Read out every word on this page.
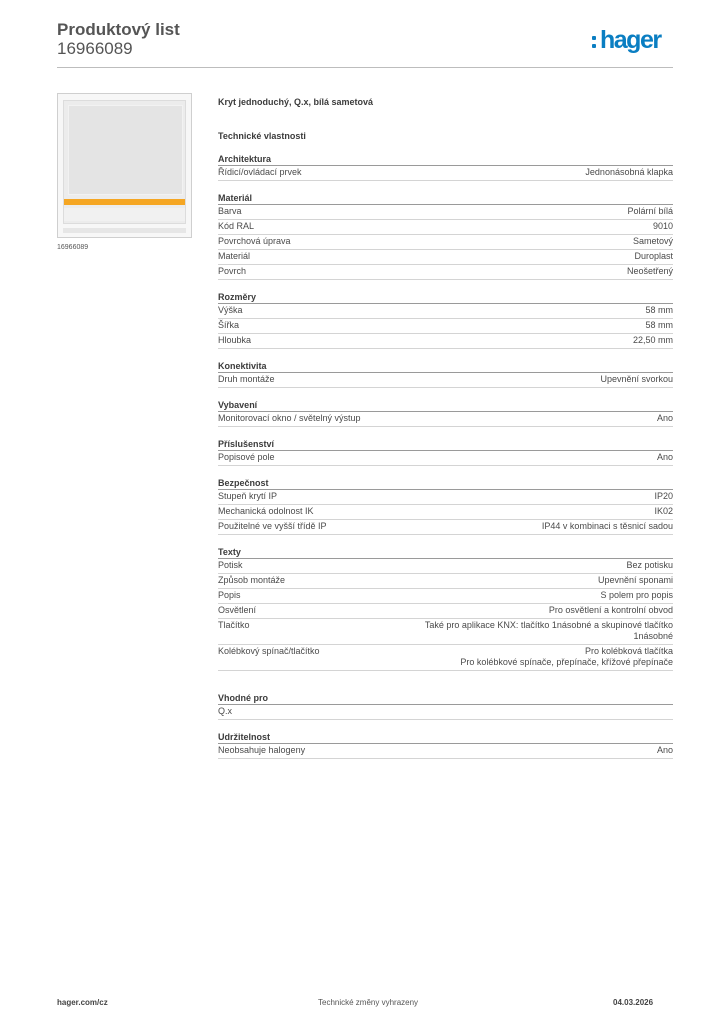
Produktový list
16966089	hager
16966089
Kryt jednoduchý, Q.x, bílá sametová
Technické vlastnosti
Architektura
Řídicí/ovládací prvek	Jednonásobná klapka
Materiál
Barva	Polární bílá
Kód RAL	9010
Povrchová úprava	Sametový
Materiál	Duroplast
Povrch	Neošetřený
Rozměry
Výška	58 mm
Šířka	58 mm
Hloubka	22,50 mm
Konektivita
Druh montáže	Upevnění svorkou
Vybavení
Monitorovací okno / světelný výstup	Ano
Příslušenství
Popisové pole	Ano
Bezpečnost
Stupeň krytí IP	IP20
Mechanická odolnost IK	IK02
Použitelné ve vyšší třídě IP	IP44 v kombinaci s těsnicí sadou
Texty
Potisk	Bez potisku
Způsob montáže	Upevnění sponami
Popis	S polem pro popis
Osvětlení	Pro osvětlení a kontrolní obvod
Tlačítko	Také pro aplikace KNX: tlačítko 1násobné a skupinové tlačítko
1násobné
Kolébkový spínač/tlačítko	Pro kolébková tlačítka
Pro kolébkové spínače, přepínače, křížové přepínače
Vhodné pro
Q.x
Udržitelnost
Neobsahuje halogeny	Ano
hager.com/cz	Technické změny vyhrazeny	04.03.2026
